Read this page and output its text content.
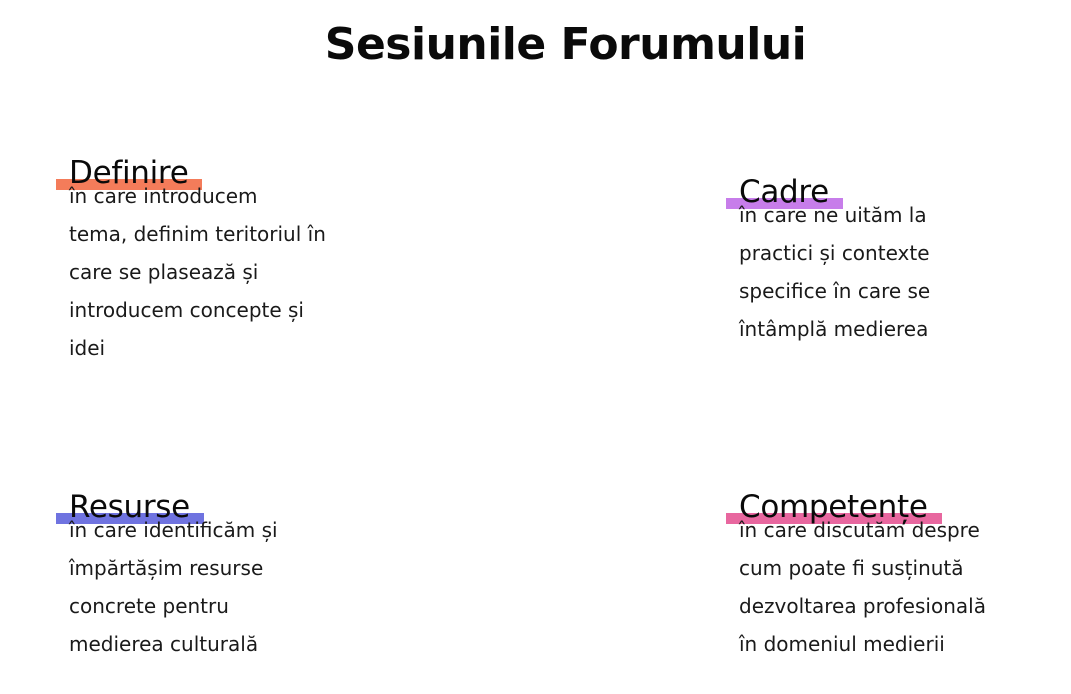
Sesiunile Forumului
Definire

în care introducem
tema, definim teritoriul în
care se plasează și
introducem concepte și
idei

Cadre

în care ne uităm la
practici și contexte
specifice în care se
întâmplă medierea

Resurse

în care identificăm și
împărtășim resurse
concrete pentru
medierea culturală

Competențe

în care discutăm despre
cum poate fi susținută
dezvoltarea profesională
în domeniul medierii
